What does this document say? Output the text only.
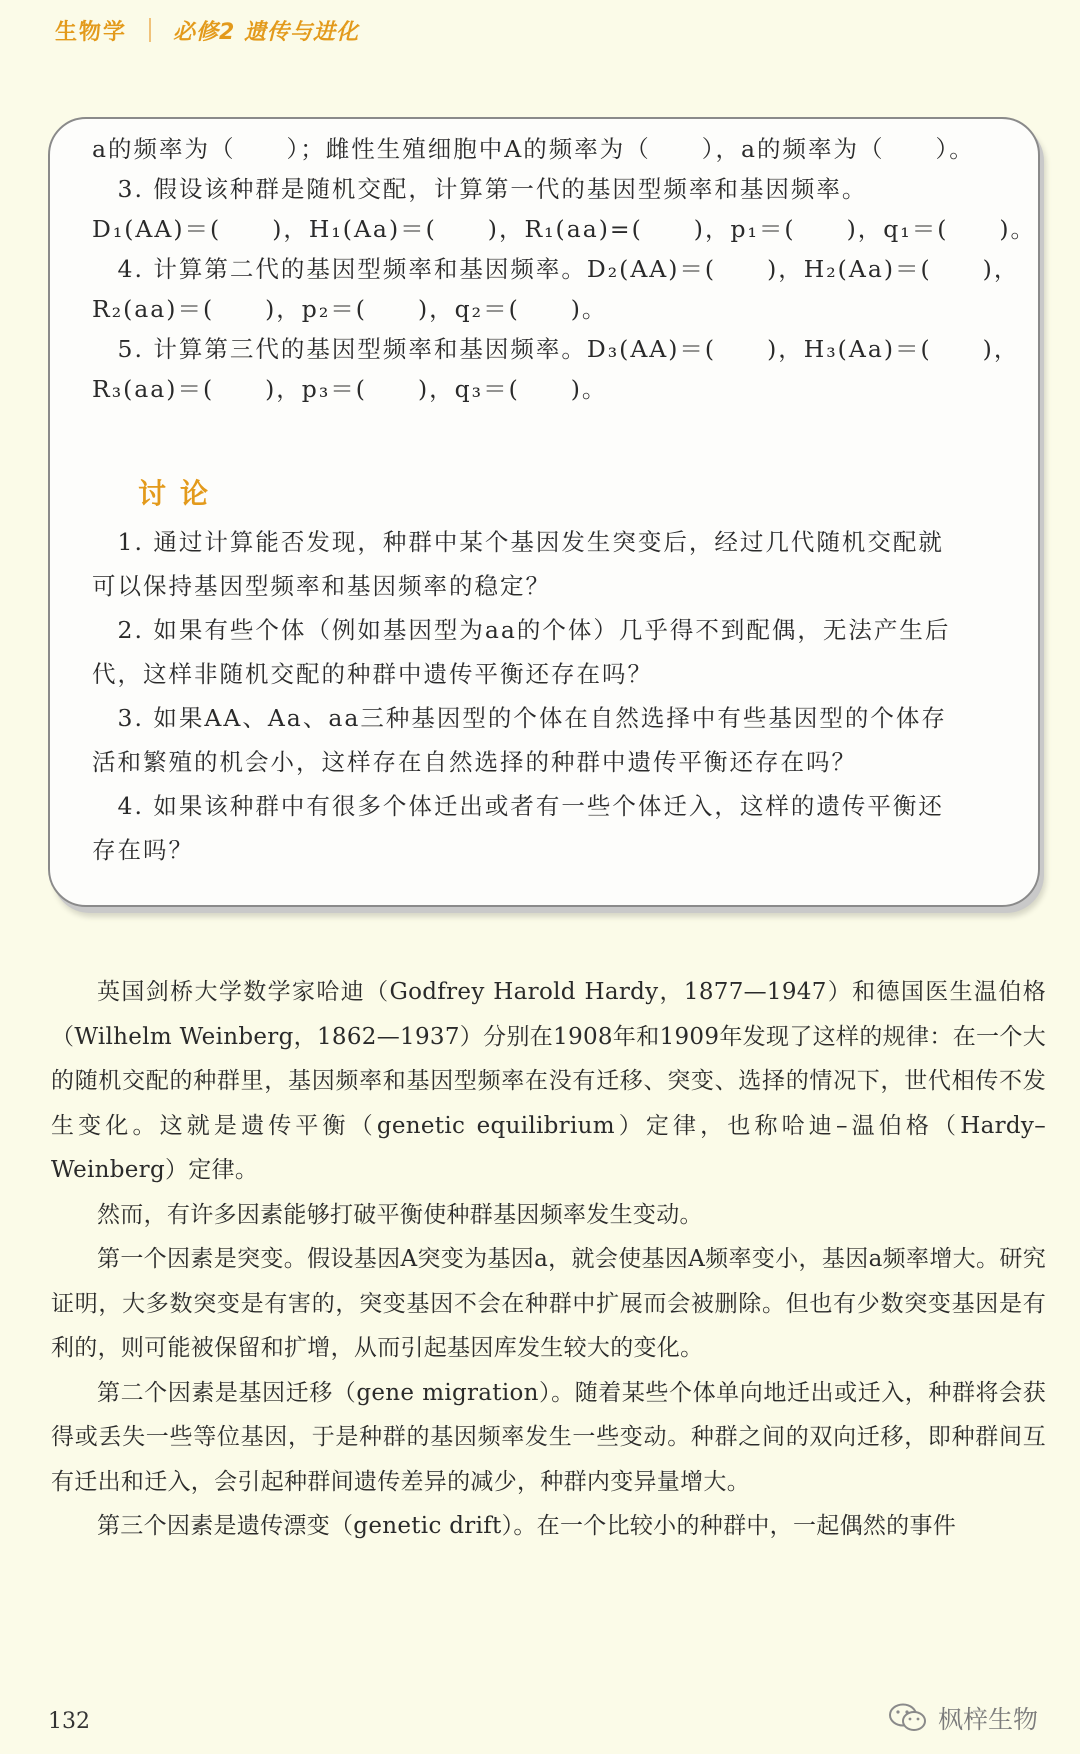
生物学 必修2 遗传与进化
a的频率为（　　）；雌性生殖细胞中A的频率为（　　），a的频率为（　　）。
　3. 假设该种群是随机交配，计算第一代的基因型频率和基因频率。
D₁(AA)＝(　　)，H₁(Aa)＝(　　)，R₁(aa)=(　　)，p₁＝(　　)，q₁＝(　　)。
　4. 计算第二代的基因型频率和基因频率。D₂(AA)＝(　　)，H₂(Aa)＝(　　)，
R₂(aa)＝(　　)，p₂＝(　　)，q₂＝(　　)。
　5. 计算第三代的基因型频率和基因频率。D₃(AA)＝(　　)，H₃(Aa)＝(　　)，
R₃(aa)＝(　　)，p₃＝(　　)，q₃＝(　　)。
讨论
　1. 通过计算能否发现，种群中某个基因发生突变后，经过几代随机交配就
可以保持基因型频率和基因频率的稳定？
　2. 如果有些个体（例如基因型为aa的个体）几乎得不到配偶，无法产生后
代，这样非随机交配的种群中遗传平衡还存在吗？
　3. 如果AA、Aa、aa三种基因型的个体在自然选择中有些基因型的个体存
活和繁殖的机会小，这样存在自然选择的种群中遗传平衡还存在吗？
　4. 如果该种群中有很多个体迁出或者有一些个体迁入，这样的遗传平衡还
存在吗？

英国剑桥大学数学家哈迪（Godfrey Harold Hardy，1877—1947）和德国医生温伯格（Wilhelm Weinberg，1862—1937）分别在1908年和1909年发现了这样的规律：在一个大的随机交配的种群里，基因频率和基因型频率在没有迁移、突变、选择的情况下，世代相传不发生变化。这就是遗传平衡（genetic equilibrium）定律，也称哈迪–温伯格（Hardy–Weinberg）定律。

然而，有许多因素能够打破平衡使种群基因频率发生变动。

第一个因素是突变。假设基因A突变为基因a，就会使基因A频率变小，基因a频率增大。研究证明，大多数突变是有害的，突变基因不会在种群中扩展而会被删除。但也有少数突变基因是有利的，则可能被保留和扩增，从而引起基因库发生较大的变化。

第二个因素是基因迁移（gene migration）。随着某些个体单向地迁出或迁入，种群将会获得或丢失一些等位基因，于是种群的基因频率发生一些变动。种群之间的双向迁移，即种群间互有迁出和迁入，会引起种群间遗传差异的减少，种群内变异量增大。

第三个因素是遗传漂变（genetic drift）。在一个比较小的种群中，一起偶然的事件

132	枫梓生物
